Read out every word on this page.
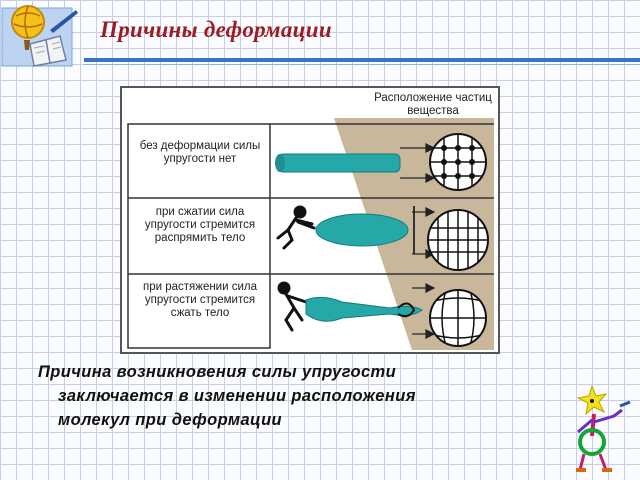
Причины деформации
Расположение частиц вещества
без деформации силы упругости нет
при сжатии сила упругости стремится распрямить тело
при растяжении сила упругости стремится сжать тело
Причина возникновения силы упругости
заключается в изменении расположения
молекул при деформации
